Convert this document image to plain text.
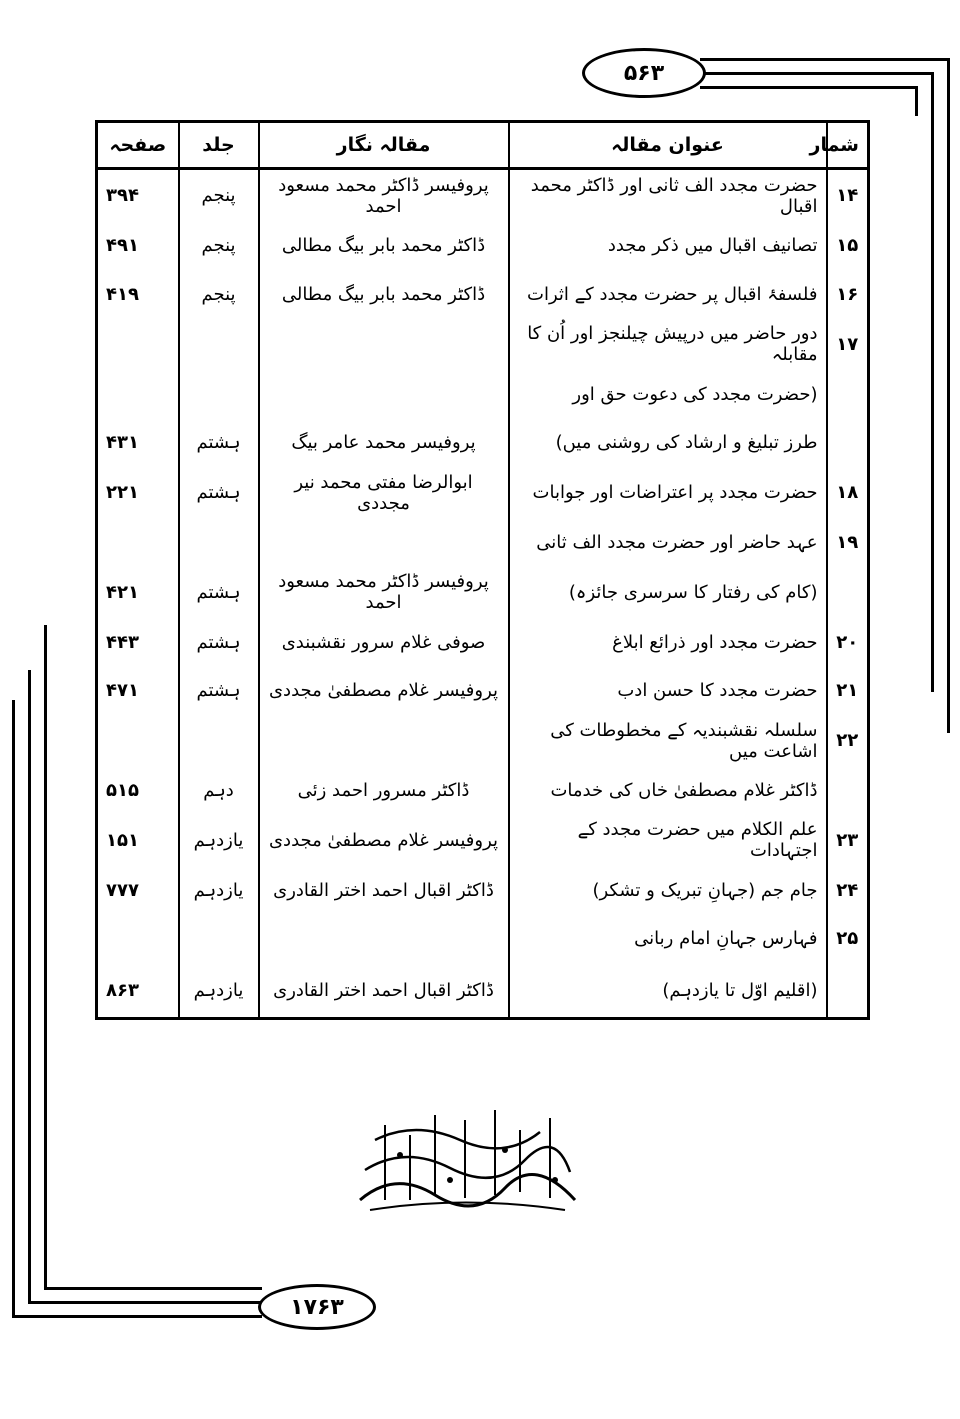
۵۶۳
۱۷۶۳
شمار	عنوان مقالہ	مقالہ نگار	جلد	صفحہ
۱۴	حضرت مجدد الف ثانی اور ڈاکٹر محمد اقبال	پروفیسر ڈاکٹر محمد مسعود احمد	پنجم	۳۹۴
۱۵	تصانیف اقبال میں ذکر مجدد	ڈاکٹر محمد بابر بیگ مطالی	پنجم	۴۹۱
۱۶	فلسفۂ اقبال پر حضرت مجدد کے اثرات	ڈاکٹر محمد بابر بیگ مطالی	پنجم	۴۱۹
۱۷	دور حاضر میں درپیش چیلنجز اور اُن کا مقابلہ			
	(حضرت مجدد کی دعوت حق اور			
	طرز تبلیغ و ارشاد کی روشنی میں)	پروفیسر محمد عامر بیگ	ہشتم	۴۳۱
۱۸	حضرت مجدد پر اعتراضات اور جوابات	ابوالرضا مفتی محمد نیر مجددی	ہشتم	۲۲۱
۱۹	عہد حاضر اور حضرت مجدد الف ثانی			
	(کام کی رفتار کا سرسری جائزہ)	پروفیسر ڈاکٹر محمد مسعود احمد	ہشتم	۴۲۱
۲۰	حضرت مجدد اور ذرائع ابلاغ	صوفی غلام سرور نقشبندی	ہشتم	۴۴۳
۲۱	حضرت مجدد کا حسن ادب	پروفیسر غلام مصطفیٰ مجددی	ہشتم	۴۷۱
۲۲	سلسلہ نقشبندیہ کے مخطوطات کی اشاعت میں			
	ڈاکٹر غلام مصطفیٰ خاں کی خدمات	ڈاکٹر مسرور احمد زئی	دہم	۵۱۵
۲۳	علم الکلام میں حضرت مجدد کے اجتہادات	پروفیسر غلام مصطفیٰ مجددی	یازدہم	۱۵۱
۲۴	جام جم (جہانِ تبریک و تشکر)	ڈاکٹر اقبال احمد اختر القادری	یازدہم	۷۷۷
۲۵	فہارس جہانِ امام ربانی			
	(اقلیم اوّل تا یازدہم)	ڈاکٹر اقبال احمد اختر القادری	یازدہم	۸۶۳
